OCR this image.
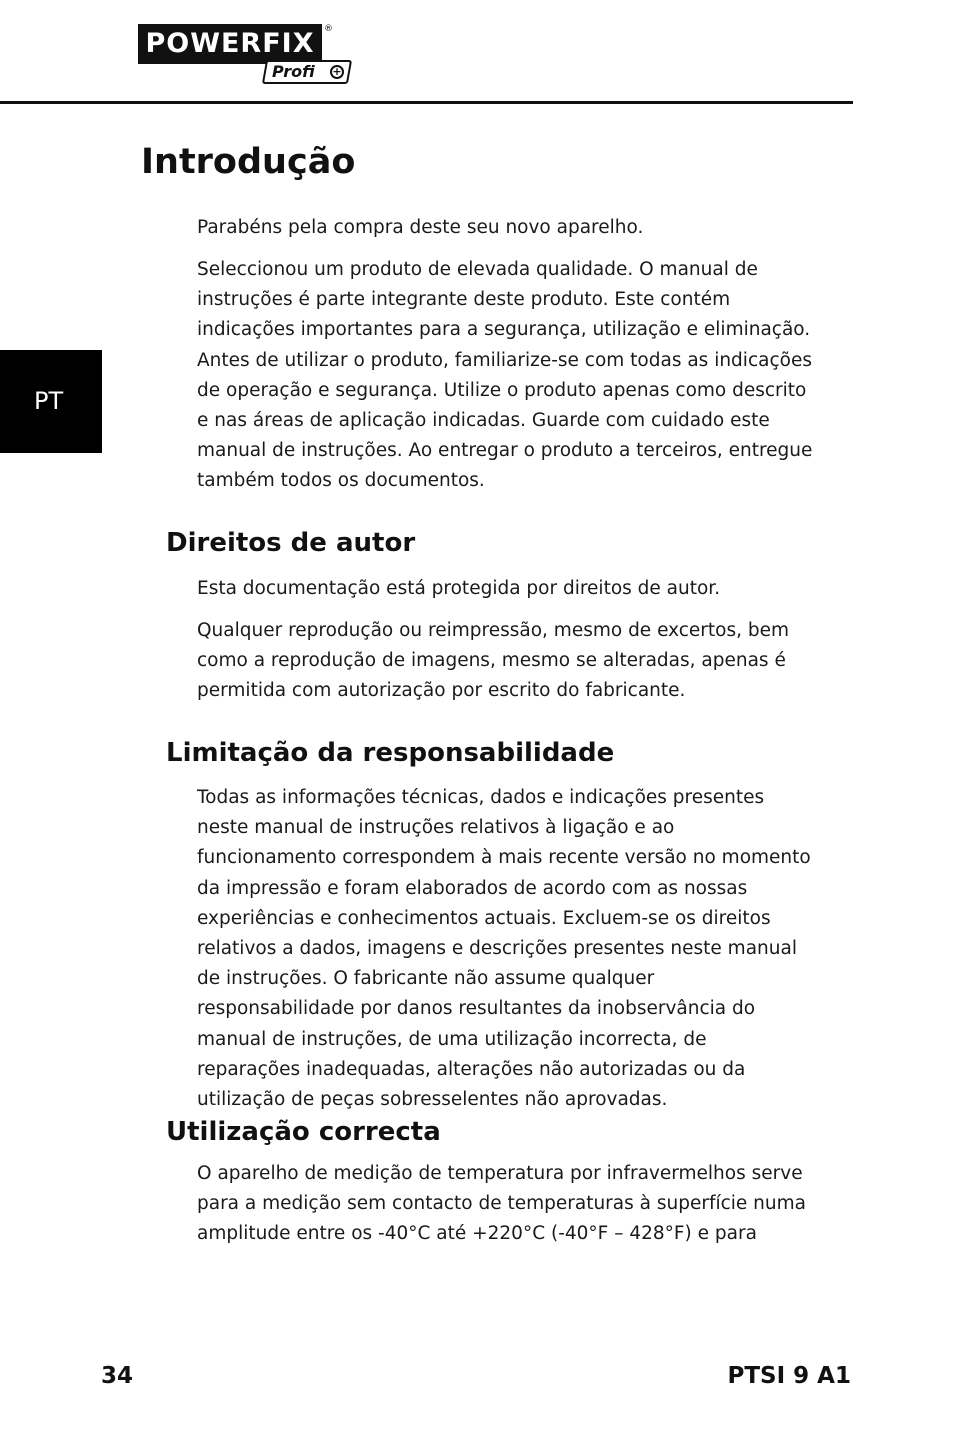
POWERFIX	®
Profi +
PT
Introdução

Parabéns pela compra deste seu novo aparelho.

Seleccionou um produto de elevada qualidade. O manual de instruções é parte integrante deste produto. Este contém indicações importantes para a segurança, utilização e eliminação. Antes de utilizar o produto, familiarize-se com todas as indicações de operação e segurança. Utilize o produto apenas como descrito e nas áreas de aplicação indicadas. Guarde com cuidado este manual de instruções. Ao entregar o produto a terceiros, entregue também todos os documentos.

Direitos de autor

Esta documentação está protegida por direitos de autor.

Qualquer reprodução ou reimpressão, mesmo de excertos, bem como a reprodução de imagens, mesmo se alteradas, apenas é permitida com autorização por escrito do fabricante.

Limitação da responsabilidade

Todas as informações técnicas, dados e indicações presentes neste manual de instruções relativos à ligação e ao funcionamento correspondem à mais recente versão no momento da impressão e foram elaborados de acordo com as nossas experiências e conhecimentos actuais. Excluem-se os direitos relativos a dados, imagens e descrições presentes neste manual de instruções. O fabricante não assume qualquer responsabilidade por danos resultantes da inobservância do manual de instruções, de uma utilização incorrecta, de reparações inadequadas, alterações não autorizadas ou da utilização de peças sobresselentes não aprovadas.

Utilização correcta

O aparelho de medição de temperatura por infravermelhos serve para a medição sem contacto de temperaturas à superfície numa amplitude entre os -40°C até +220°C (-40°F – 428°F) e para

34	PTSI 9 A1
